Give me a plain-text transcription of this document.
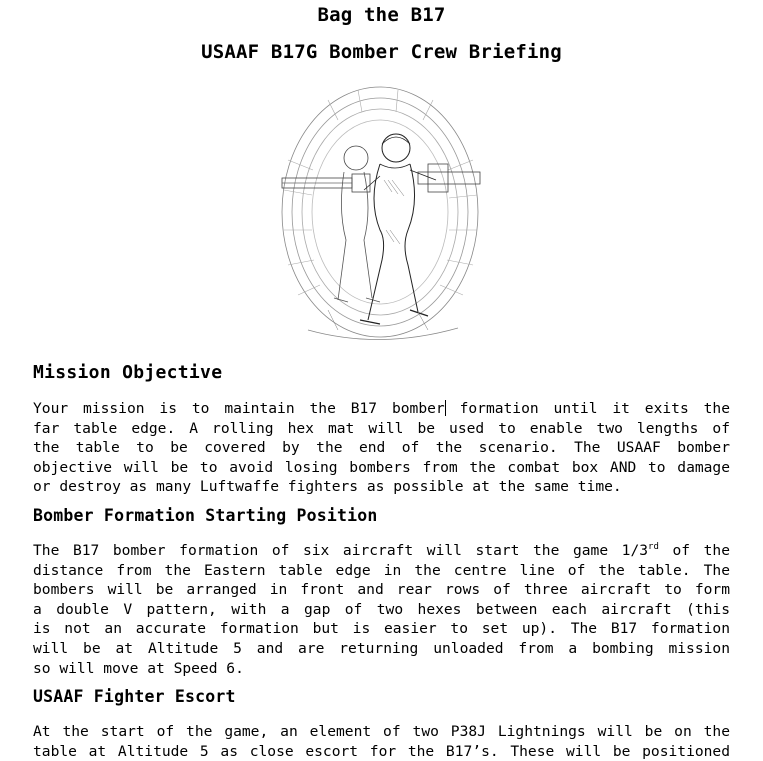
Bag the B17
USAAF B17G Bomber Crew Briefing
Mission Objective

Your mission is to maintain the B17 bomber formation until it exits the
far table edge. A rolling hex mat will be used to enable two lengths of
the table to be covered by the end of the scenario. The USAAF bomber
objective will be to avoid losing bombers from the combat box AND to damage
or destroy as many Luftwaffe fighters as possible at the same time.

Bomber Formation Starting Position

The B17 bomber formation of six aircraft will start the game 1/3rd of the
distance from the Eastern table edge in the centre line of the table. The
bombers will be arranged in front and rear rows of three aircraft to form
a double V pattern, with a gap of two hexes between each aircraft (this
is not an accurate formation but is easier to set up). The B17 formation
will be at Altitude 5 and are returning unloaded from a bombing mission
so will move at Speed 6.

USAAF Fighter Escort

At the start of the game, an element of two P38J Lightnings will be on the
table at Altitude 5 as close escort for the B17’s. These will be positioned
